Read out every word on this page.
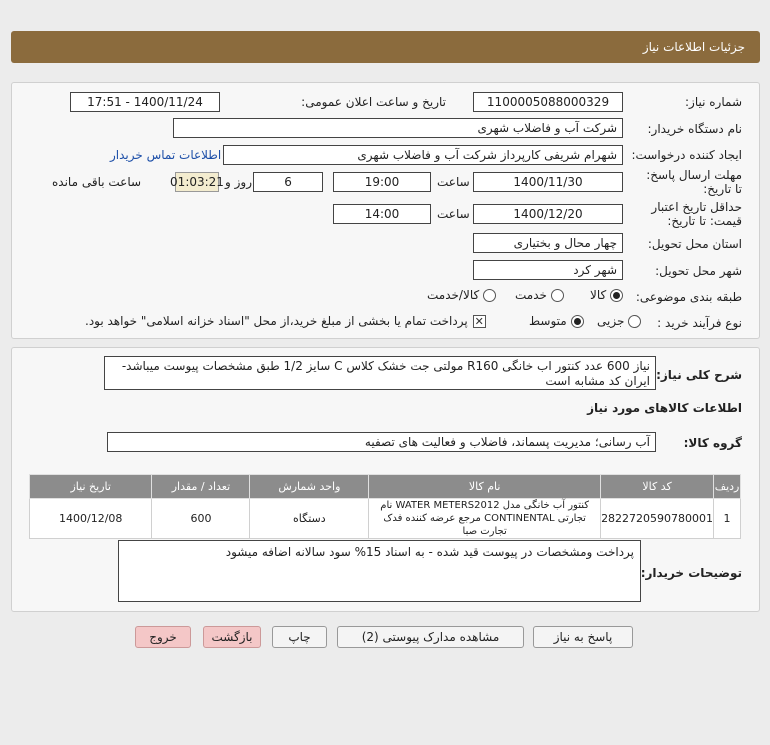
جزئیات اطلاعات نیاز
شماره نیاز:
1100005088000329
تاریخ و ساعت اعلان عمومی:
1400/11/24 - 17:51
نام دستگاه خریدار:
شرکت آب و فاضلاب شهری
ایجاد کننده درخواست:
شهرام شریفی کارپرداز شرکت آب و فاضلاب شهری
اطلاعات تماس خریدار
مهلت ارسال پاسخ: تا تاریخ:
1400/11/30
ساعت
19:00
6
روز و
01:03:21
ساعت باقی مانده
حداقل تاریخ اعتبار قیمت: تا تاریخ:
1400/12/20
ساعت
14:00
استان محل تحویل:
چهار محال و بختیاری
شهر محل تحویل:
شهر کرد
طبقه بندی موضوعی:
کالا
خدمت
کالا/خدمت
نوع فرآیند خرید :
جزیی
متوسط
✕
پرداخت تمام یا بخشی از مبلغ خرید،از محل "اسناد خزانه اسلامی" خواهد بود.
شرح کلی نیاز:
نیاز 600 عدد کنتور اب خانگی R160 مولتی جت خشک کلاس C سایز 1/2 طبق مشخصات پیوست میباشد-ایران کد مشابه است
اطلاعات کالاهای مورد نیاز
گروه کالا:
آب رسانی؛ مدیریت پسماند، فاضلاب و فعالیت های تصفیه
ردیف	کد کالا	نام کالا	واحد شمارش	تعداد / مقدار	تاریخ نیاز
1	2822720590780001	کنتور آب خانگی مدل WATER METERS2012 نام تجارتی CONTINENTAL مرجع عرضه کننده فدک تجارت صبا	دستگاه	600	1400/12/08
توضیحات خریدار:
پرداخت ومشخصات در پیوست قید شده - به اسناد 15% سود سالانه اضافه میشود
پاسخ به نیاز
مشاهده مدارک پیوستی (2)
چاپ
بازگشت
خروج
